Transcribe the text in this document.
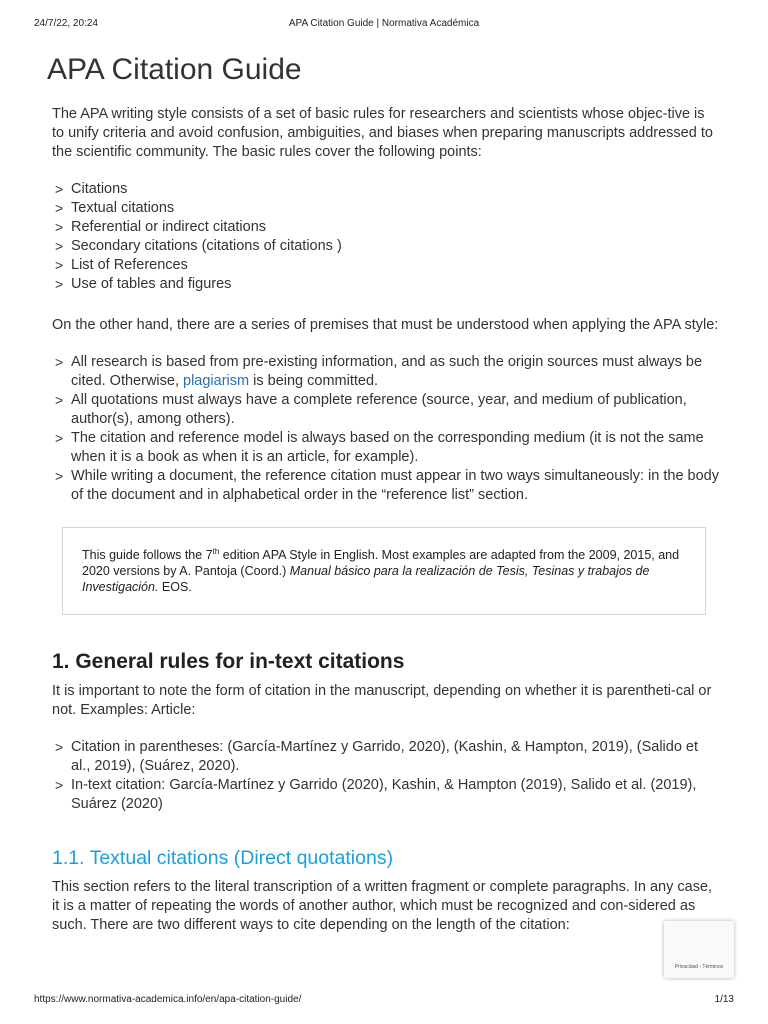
24/7/22, 20:24	APA Citation Guide | Normativa Académica
APA Citation Guide

The APA writing style consists of a set of basic rules for researchers and scientists whose objec-tive is to unify criteria and avoid confusion, ambiguities, and biases when preparing manuscripts addressed to the scientific community. The basic rules cover the following points:

> Citations
> Textual citations
> Referential or indirect citations
> Secondary citations (citations of citations )
> List of References
> Use of tables and figures

On the other hand, there are a series of premises that must be understood when applying the APA style:

> All research is based from pre-existing information, and as such the origin sources must always be cited. Otherwise, plagiarism is being committed.
> All quotations must always have a complete reference (source, year, and medium of publication, author(s), among others).
> The citation and reference model is always based on the corresponding medium (it is not the same when it is a book as when it is an article, for example).
> While writing a document, the reference citation must appear in two ways simultaneously: in the body of the document and in alphabetical order in the “reference list” section.
This guide follows the 7th edition APA Style in English. Most examples are adapted from the 2009, 2015, and 2020 versions by A. Pantoja (Coord.) Manual básico para la realización de Tesis, Tesinas y trabajos de Investigación. EOS.
1. General rules for in-text citations

It is important to note the form of citation in the manuscript, depending on whether it is parentheti-cal or not. Examples: Article:

> Citation in parentheses: (García-Martínez y Garrido, 2020), (Kashin, & Hampton, 2019), (Salido et al., 2019), (Suárez, 2020).
> In-text citation: García-Martínez y Garrido (2020), Kashin, & Hampton (2019), Salido et al. (2019), Suárez (2020)
1.1. Textual citations (Direct quotations)

This section refers to the literal transcription of a written fragment or complete paragraphs. In any case, it is a matter of repeating the words of another author, which must be recognized and con-sidered as such. There are two different ways to cite depending on the length of the citation:

Privacidad - Términos
https://www.normativa-academica.info/en/apa-citation-guide/	1/13
